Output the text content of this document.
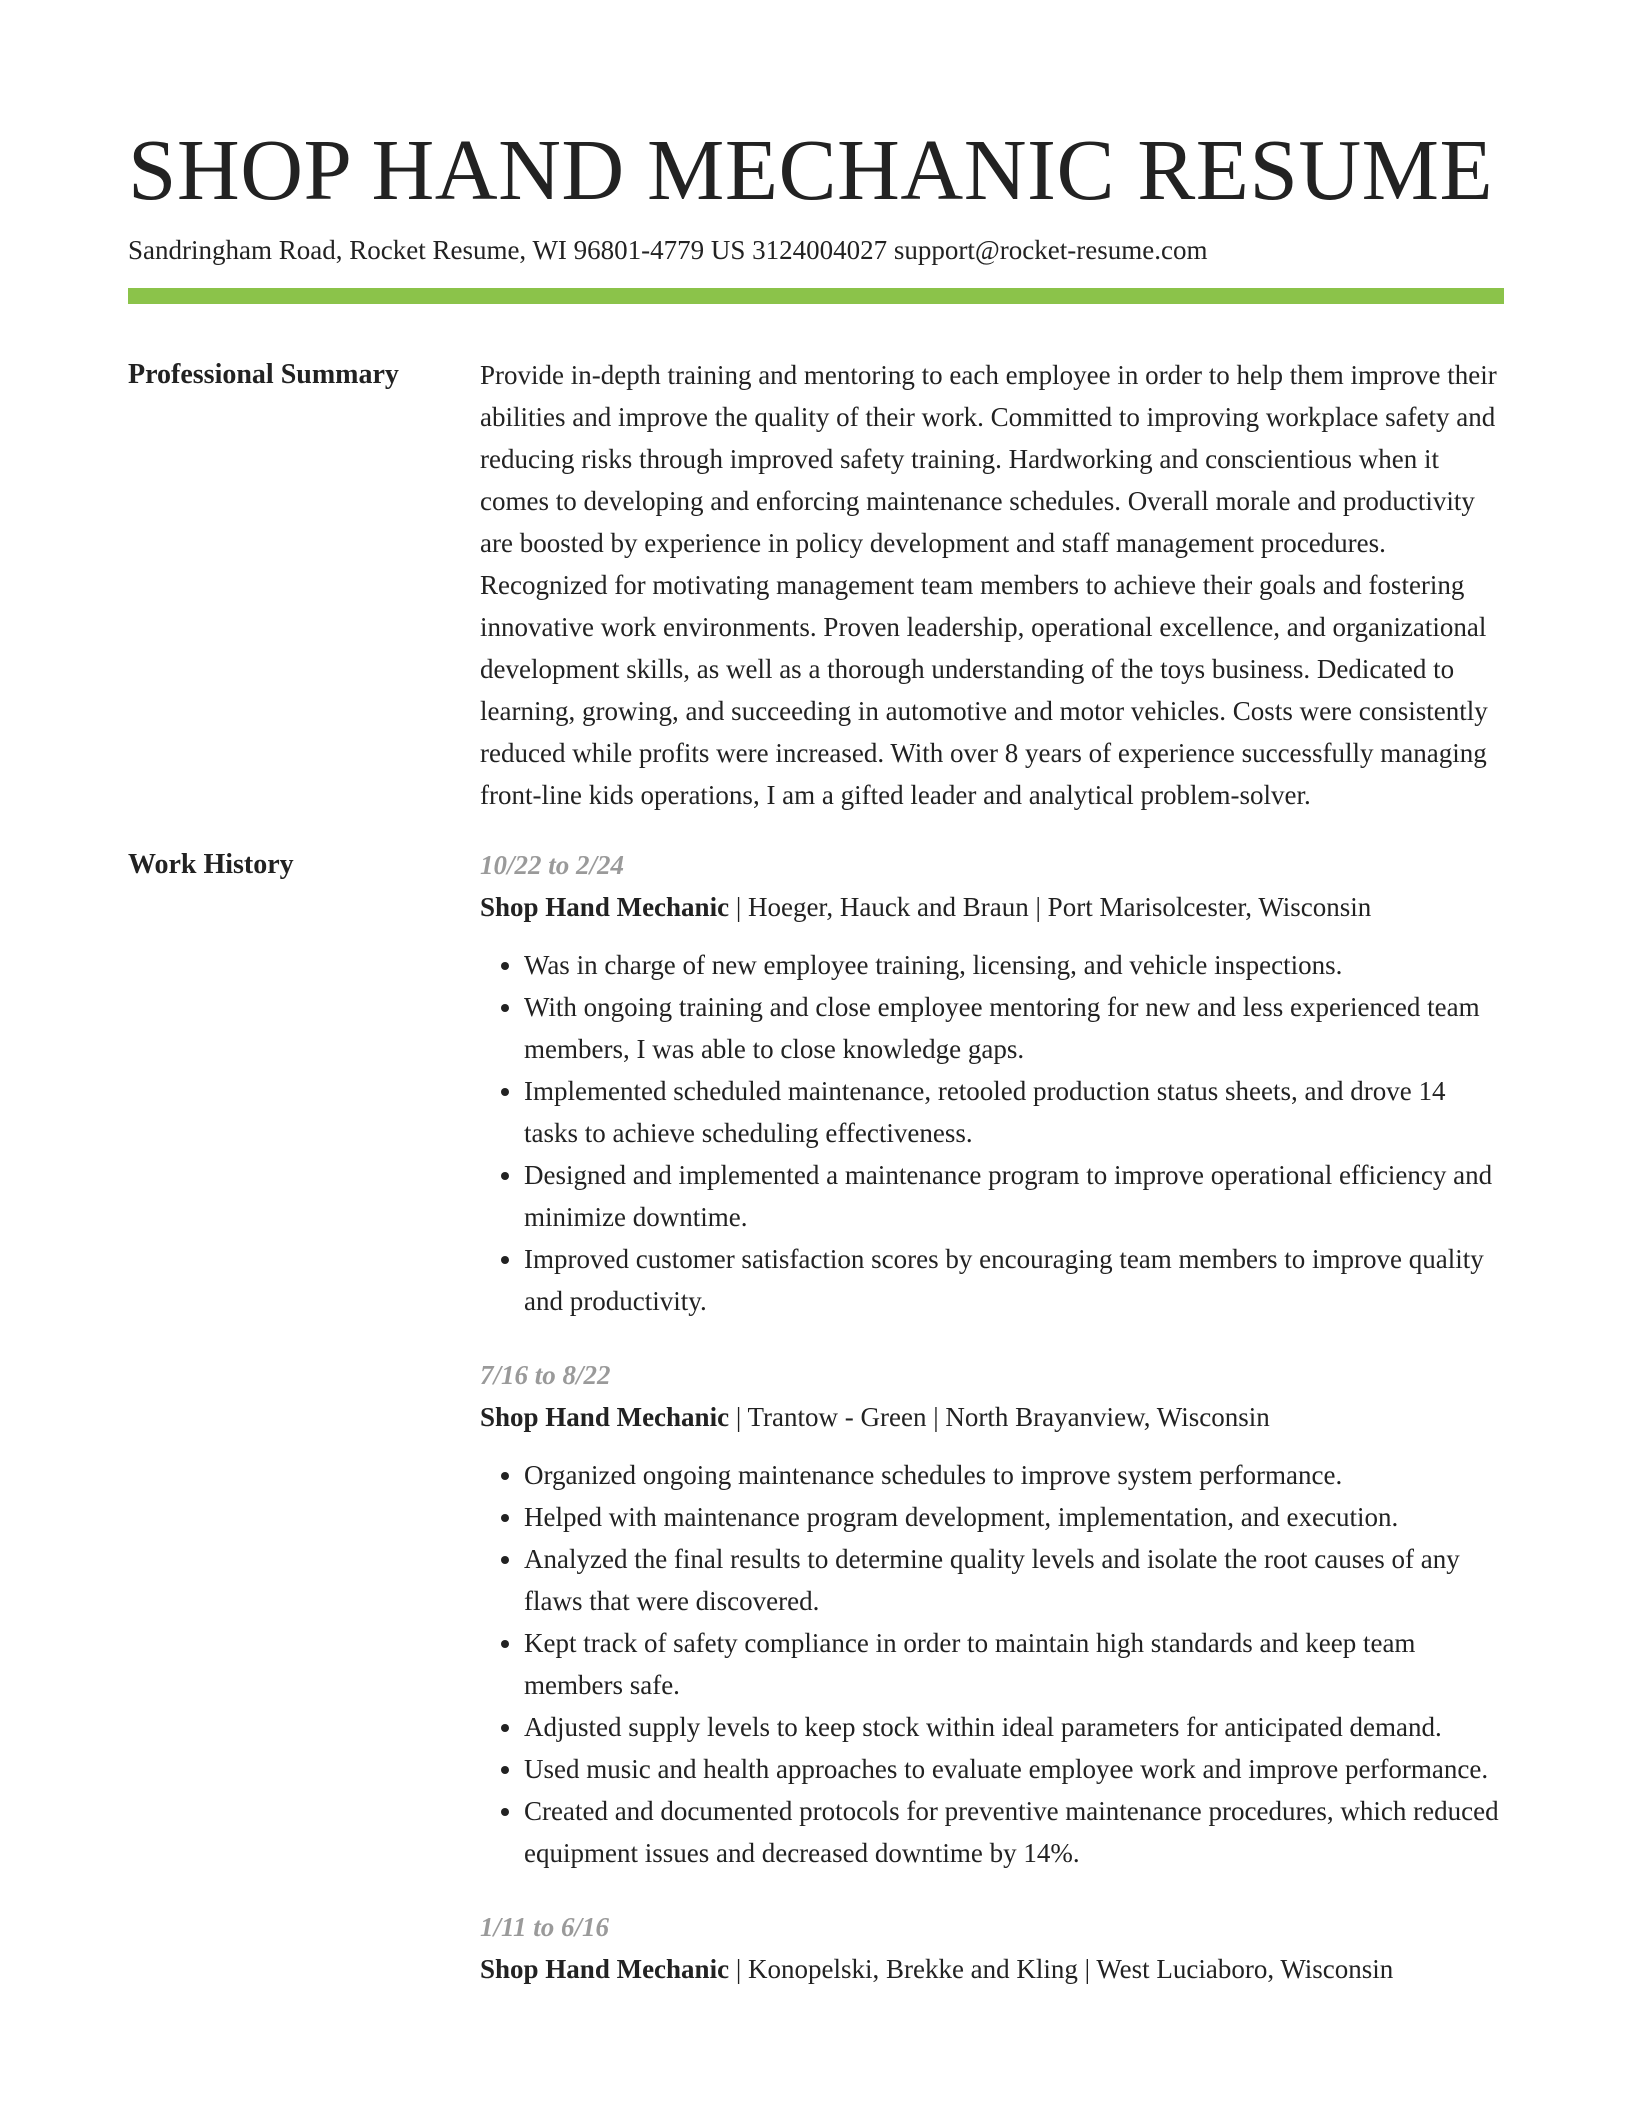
SHOP HAND MECHANIC RESUME
Sandringham Road, Rocket Resume, WI 96801-4779 US 3124004027 support@rocket-resume.com
Professional Summary	Provide in-depth training and mentoring to each employee in order to help them improve their abilities and improve the quality of their work. Committed to improving workplace safety and reducing risks through improved safety training. Hardworking and conscientious when it comes to developing and enforcing maintenance schedules. Overall morale and productivity are boosted by experience in policy development and staff management procedures. Recognized for motivating management team members to achieve their goals and fostering innovative work environments. Proven leadership, operational excellence, and organizational development skills, as well as a thorough understanding of the toys business. Dedicated to learning, growing, and succeeding in automotive and motor vehicles. Costs were consistently reduced while profits were increased. With over 8 years of experience successfully managing front-line kids operations, I am a gifted leader and analytical problem-solver.

Work History	10/22 to 2/24
Shop Hand Mechanic | Hoeger, Hauck and Braun | Port Marisolcester, Wisconsin
• Was in charge of new employee training, licensing, and vehicle inspections.
• With ongoing training and close employee mentoring for new and less experienced team members, I was able to close knowledge gaps.
• Implemented scheduled maintenance, retooled production status sheets, and drove 14 tasks to achieve scheduling effectiveness.
• Designed and implemented a maintenance program to improve operational efficiency and minimize downtime.
• Improved customer satisfaction scores by encouraging team members to improve quality and productivity.
7/16 to 8/22
Shop Hand Mechanic | Trantow - Green | North Brayanview, Wisconsin
• Organized ongoing maintenance schedules to improve system performance.
• Helped with maintenance program development, implementation, and execution.
• Analyzed the final results to determine quality levels and isolate the root causes of any flaws that were discovered.
• Kept track of safety compliance in order to maintain high standards and keep team members safe.
• Adjusted supply levels to keep stock within ideal parameters for anticipated demand.
• Used music and health approaches to evaluate employee work and improve performance.
• Created and documented protocols for preventive maintenance procedures, which reduced equipment issues and decreased downtime by 14%.
1/11 to 6/16
Shop Hand Mechanic | Konopelski, Brekke and Kling | West Luciaboro, Wisconsin
